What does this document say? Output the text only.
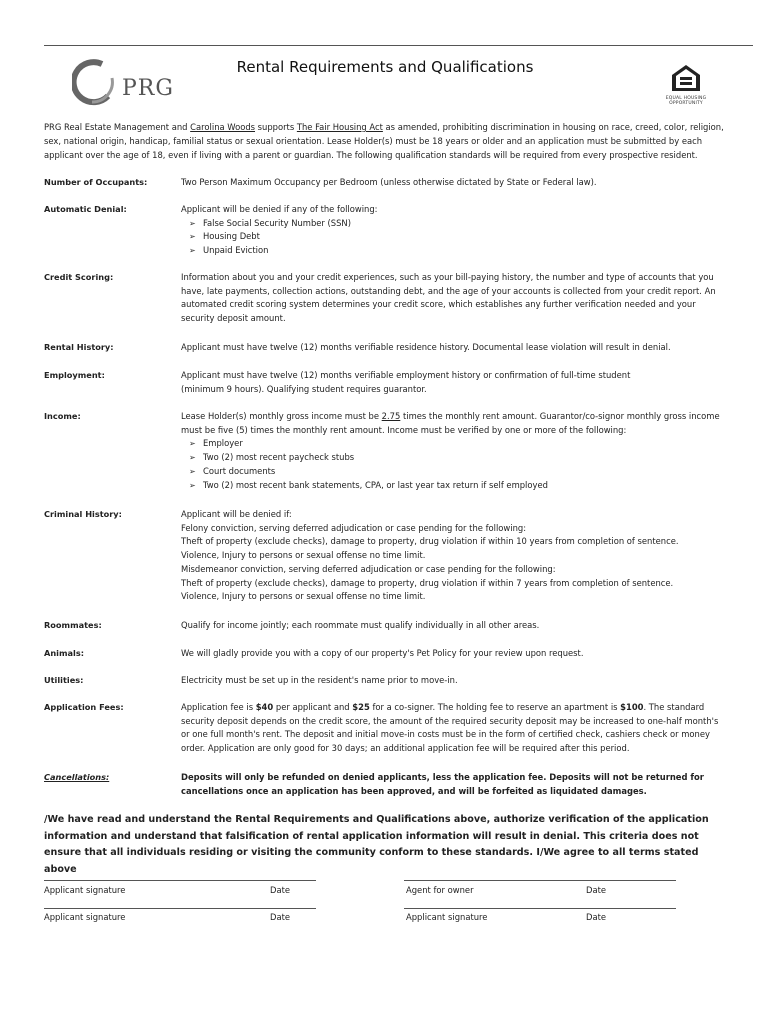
PRG
Rental Requirements and Qualifications
EQUAL HOUSING
OPPORTUNITY
PRG Real Estate Management and Carolina Woods supports The Fair Housing Act as amended, prohibiting discrimination in housing on race, creed, color, religion, sex, national origin, handicap, familial status or sexual orientation. Lease Holder(s) must be 18 years or older and an application must be submitted by each applicant over the age of 18, even if living with a parent or guardian. The following qualification standards will be required from every prospective resident.
Number of Occupants:	Two Person Maximum Occupancy per Bedroom (unless otherwise dictated by State or Federal law).
Automatic Denial:	Applicant will be denied if any of the following:
➢ False Social Security Number (SSN)
➢ Housing Debt
➢ Unpaid Eviction
Credit Scoring:	Information about you and your credit experiences, such as your bill-paying history, the number and type of accounts that you have, late payments, collection actions, outstanding debt, and the age of your accounts is collected from your credit report. An automated credit scoring system determines your credit score, which establishes any further verification needed and your security deposit amount.
Rental History:	Applicant must have twelve (12) months verifiable residence history. Documental lease violation will result in denial.
Employment:	Applicant must have twelve (12) months verifiable employment history or confirmation of full-time student
(minimum 9 hours). Qualifying student requires guarantor.
Income:	Lease Holder(s) monthly gross income must be 2.75 times the monthly rent amount. Guarantor/co-signor monthly gross income must be five (5) times the monthly rent amount. Income must be verified by one or more of the following:
➢ Employer
➢ Two (2) most recent paycheck stubs
➢ Court documents
➢ Two (2) most recent bank statements, CPA, or last year tax return if self employed
Criminal History:	Applicant will be denied if:
Felony conviction, serving deferred adjudication or case pending for the following:
Theft of property (exclude checks), damage to property, drug violation if within 10 years from completion of sentence.
Violence, Injury to persons or sexual offense no time limit.
Misdemeanor conviction, serving deferred adjudication or case pending for the following:
Theft of property (exclude checks), damage to property, drug violation if within 7 years from completion of sentence.
Violence, Injury to persons or sexual offense no time limit.
Roommates:	Qualify for income jointly; each roommate must qualify individually in all other areas.
Animals:	We will gladly provide you with a copy of our property's Pet Policy for your review upon request.
Utilities:	Electricity must be set up in the resident's name prior to move-in.
Application Fees:	Application fee is $40 per applicant and $25 for a co-signer. The holding fee to reserve an apartment is $100. The standard security deposit depends on the credit score, the amount of the required security deposit may be increased to one-half month's or one full month's rent. The deposit and initial move-in costs must be in the form of certified check, cashiers check or money order. Application are only good for 30 days; an additional application fee will be required after this period.
Cancellations:	Deposits will only be refunded on denied applicants, less the application fee. Deposits will not be returned for cancellations once an application has been approved, and will be forfeited as liquidated damages.
/We have read and understand the Rental Requirements and Qualifications above, authorize verification of the application information and understand that falsification of rental application information will result in denial. This criteria does not ensure that all individuals residing or visiting the community conform to these standards. I/We agree to all terms stated above
Applicant signature	Date	Agent for owner	Date
Applicant signature	Date	Applicant signature	Date
